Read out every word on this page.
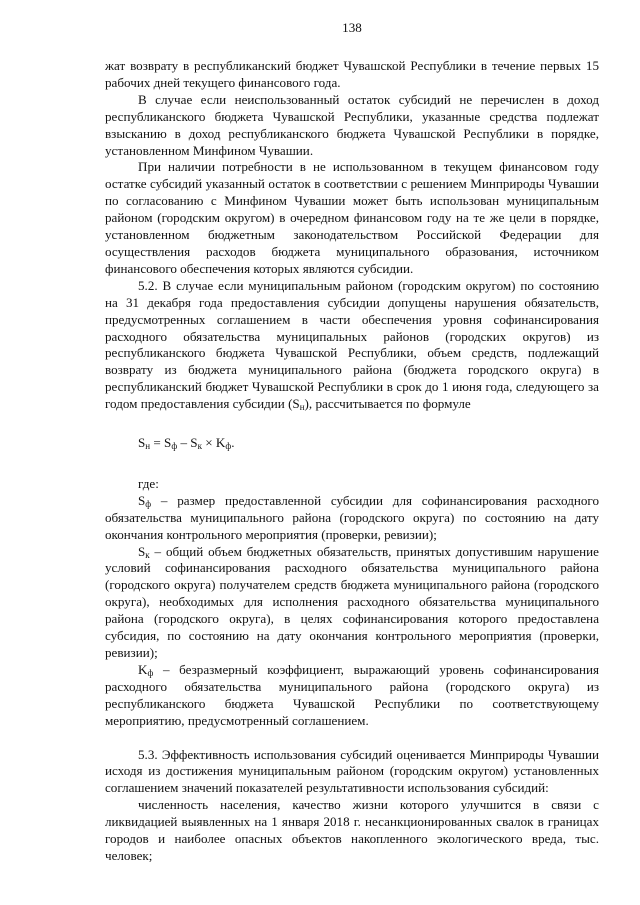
138

жат возврату в республиканский бюджет Чувашской Республики в течение первых 15 рабочих дней текущего финансового года.

В случае если неиспользованный остаток субсидий не перечислен в доход республиканского бюджета Чувашской Республики, указанные средства подлежат взысканию в доход республиканского бюджета Чувашской Республики в порядке, установленном Минфином Чувашии.

При наличии потребности в не использованном в текущем финансовом году остатке субсидий указанный остаток в соответствии с решением Минприроды Чувашии по согласованию с Минфином Чувашии может быть использован муниципальным районом (городским округом) в очередном финансовом году на те же цели в порядке, установленном бюджетным законодательством Российской Федерации для осуществления расходов бюджета муниципального образования, источником финансового обеспечения которых являются субсидии.

5.2. В случае если муниципальным районом (городским округом) по состоянию на 31 декабря года предоставления субсидии допущены нарушения обязательств, предусмотренных соглашением в части обеспечения уровня софинансирования расходного обязательства муниципальных районов (городских округов) из республиканского бюджета Чувашской Республики, объем средств, подлежащий возврату из бюджета муниципального района (бюджета городского округа) в республиканский бюджет Чувашской Республики в срок до 1 июня года, следующего за годом предоставления субсидии $(S_н)$, рассчитывается по формуле

$S_н = S_ф - S_к \times K_ф$.

где:

$S_ф$ – размер предоставленной субсидии для софинансирования расходного обязательства муниципального района (городского округа) по состоянию на дату окончания контрольного мероприятия (проверки, ревизии);

$S_к$ – общий объем бюджетных обязательств, принятых допустившим нарушение условий софинансирования расходного обязательства муниципального района (городского округа) получателем средств бюджета муниципального района (городского округа), необходимых для исполнения расходного обязательства муниципального района (городского округа), в целях софинансирования которого предоставлена субсидия, по состоянию на дату окончания контрольного мероприятия (проверки, ревизии);

$K_ф$ – безразмерный коэффициент, выражающий уровень софинансирования расходного обязательства муниципального района (городского округа) из республиканского бюджета Чувашской Республики по соответствующему мероприятию, предусмотренный соглашением.

5.3. Эффективность использования субсидий оценивается Минприроды Чувашии исходя из достижения муниципальным районом (городским округом) установленных соглашением значений показателей результативности использования субсидий:

численность населения, качество жизни которого улучшится в связи с ликвидацией выявленных на 1 января 2018 г. несанкционированных свалок в границах городов и наиболее опасных объектов накопленного экологического вреда, тыс. человек;
